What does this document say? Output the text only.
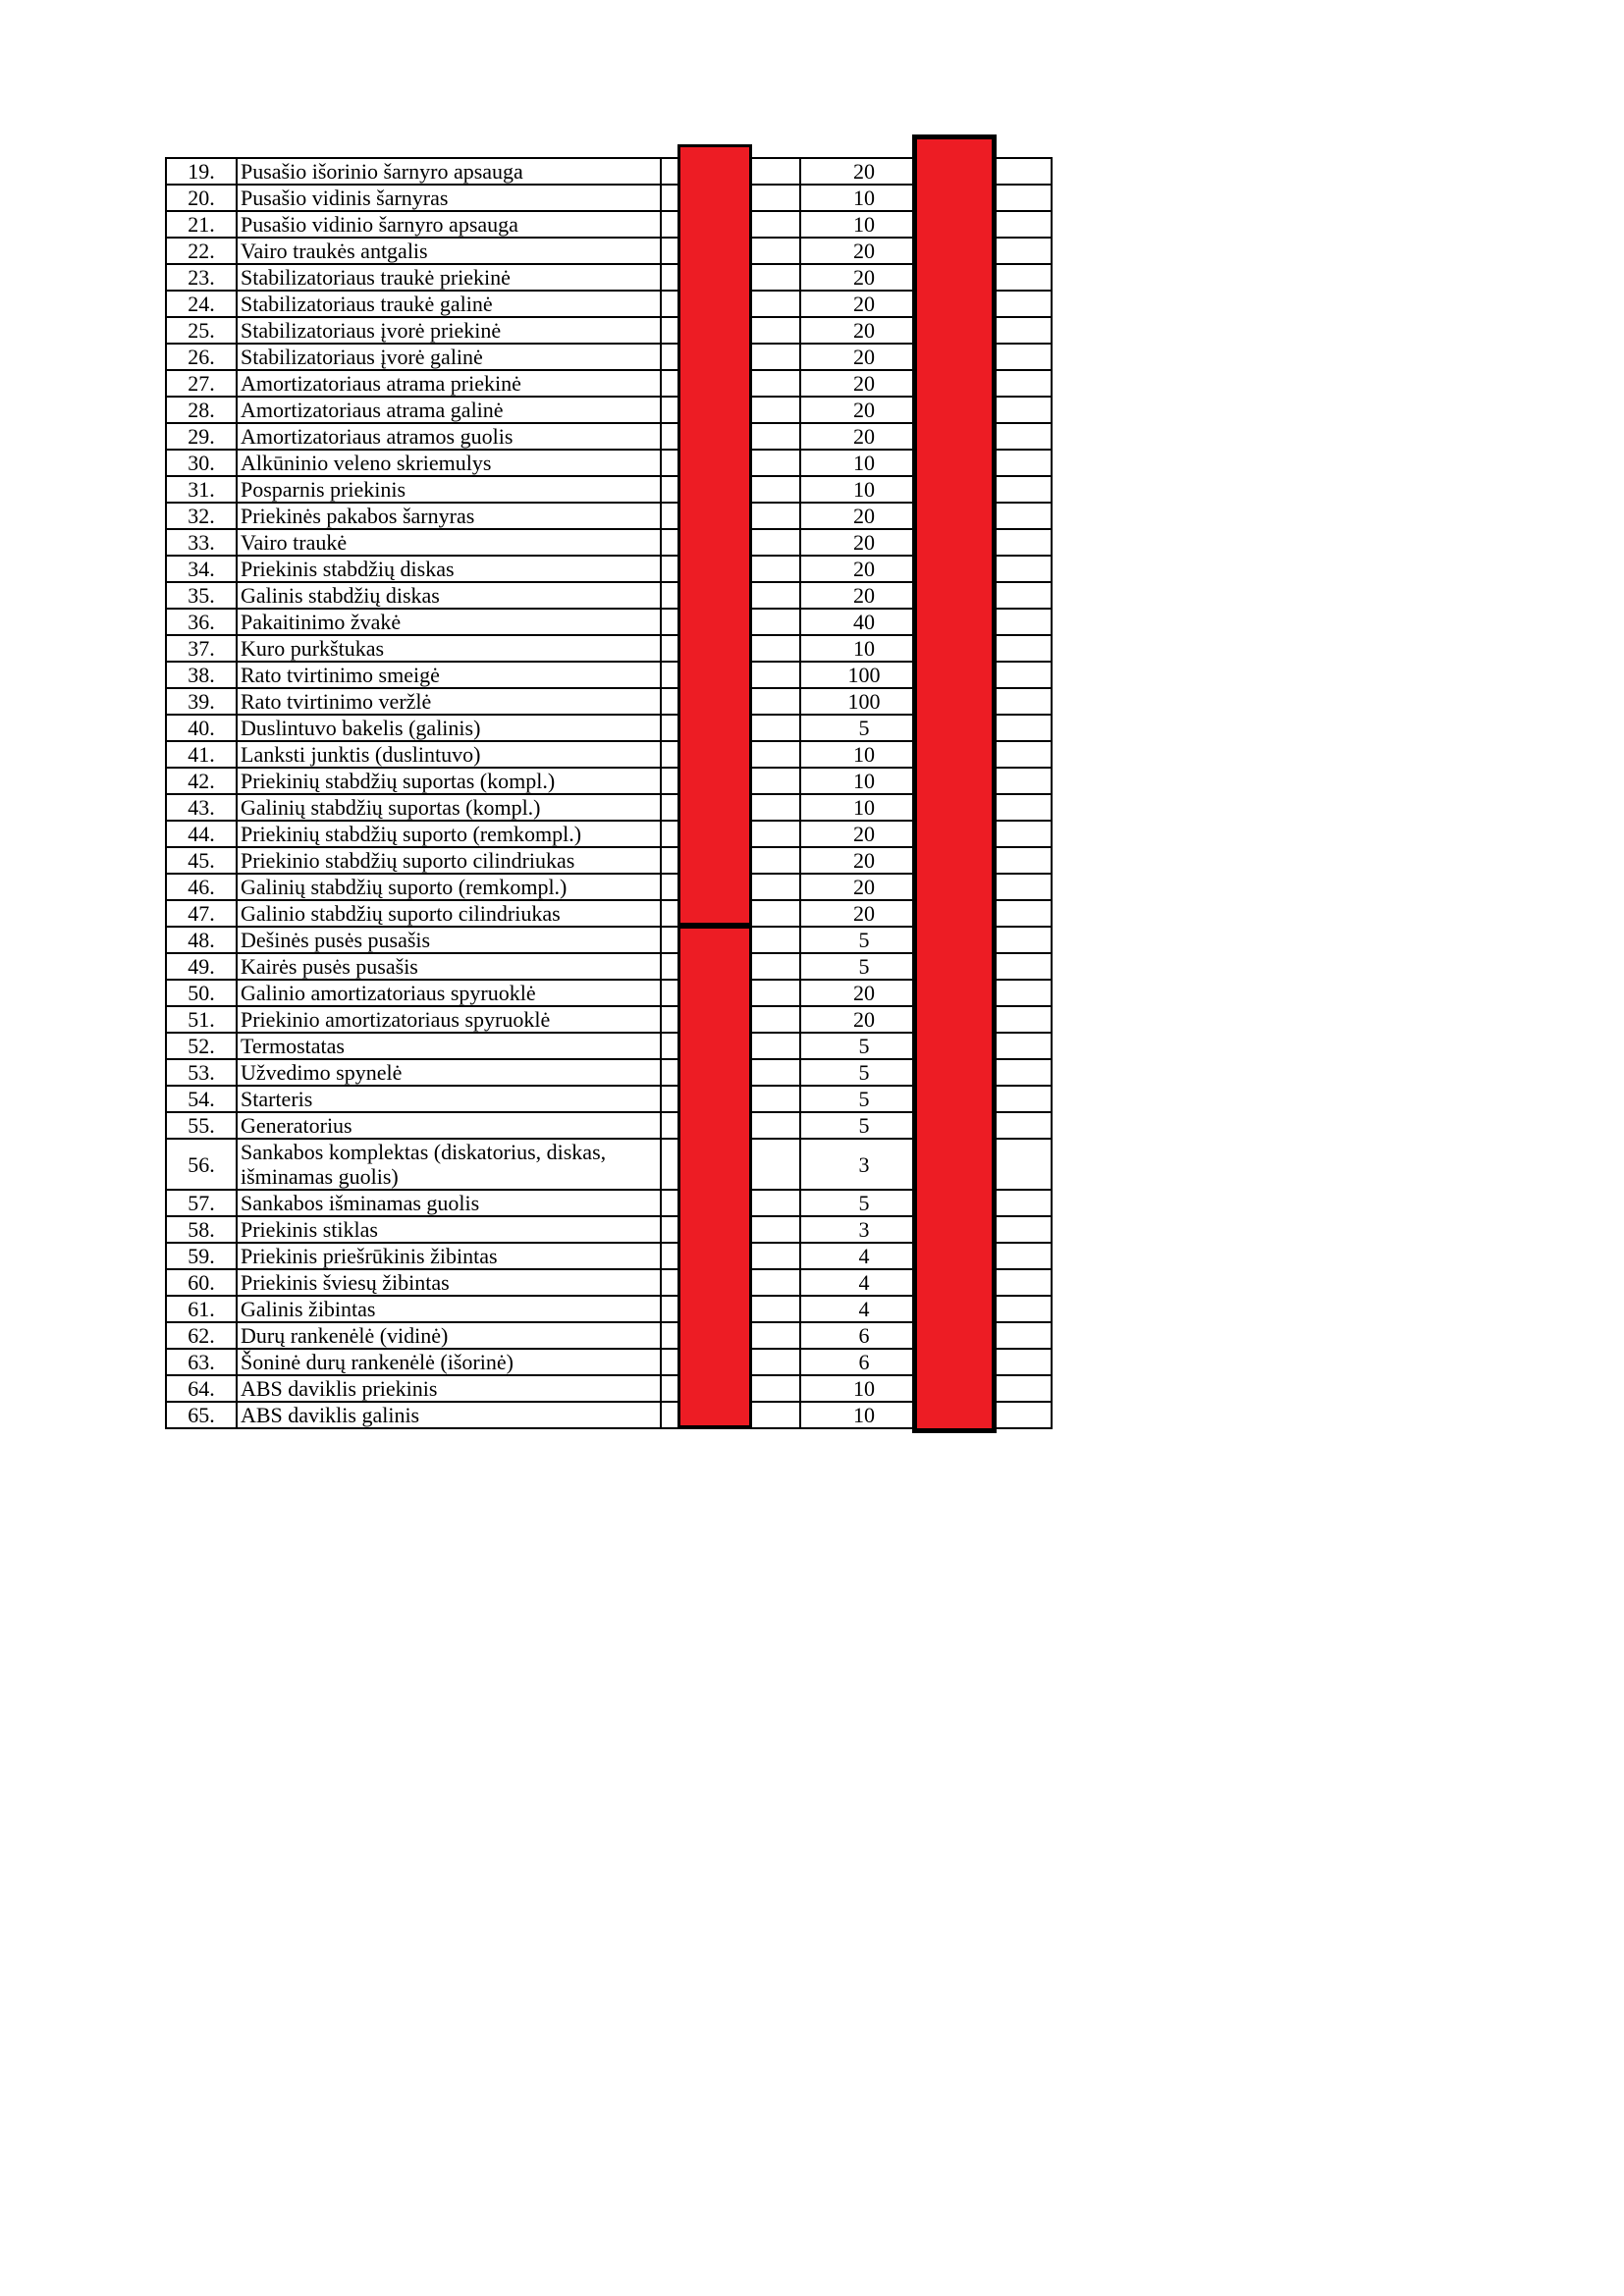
19.	Pusašio išorinio šarnyro apsauga		20	
20.	Pusašio vidinis šarnyras		10	
21.	Pusašio vidinio šarnyro apsauga		10	
22.	Vairo traukės antgalis		20	
23.	Stabilizatoriaus traukė priekinė		20	
24.	Stabilizatoriaus traukė galinė		20	
25.	Stabilizatoriaus įvorė priekinė		20	
26.	Stabilizatoriaus įvorė galinė		20	
27.	Amortizatoriaus atrama priekinė		20	
28.	Amortizatoriaus atrama galinė		20	
29.	Amortizatoriaus atramos guolis		20	
30.	Alkūninio veleno skriemulys		10	
31.	Posparnis priekinis		10	
32.	Priekinės pakabos šarnyras		20	
33.	Vairo traukė		20	
34.	Priekinis stabdžių diskas		20	
35.	Galinis stabdžių diskas		20	
36.	Pakaitinimo žvakė		40	
37.	Kuro purkštukas		10	
38.	Rato tvirtinimo smeigė		100	
39.	Rato tvirtinimo veržlė		100	
40.	Duslintuvo bakelis (galinis)		5	
41.	Lanksti junktis (duslintuvo)		10	
42.	Priekinių stabdžių suportas (kompl.)		10	
43.	Galinių stabdžių suportas (kompl.)		10	
44.	Priekinių stabdžių suporto (remkompl.)		20	
45.	Priekinio stabdžių suporto cilindriukas		20	
46.	Galinių stabdžių suporto (remkompl.)		20	
47.	Galinio stabdžių suporto cilindriukas		20	
48.	Dešinės pusės pusašis		5	
49.	Kairės pusės pusašis		5	
50.	Galinio amortizatoriaus spyruoklė		20	
51.	Priekinio amortizatoriaus spyruoklė		20	
52.	Termostatas		5	
53.	Užvedimo spynelė		5	
54.	Starteris		5	
55.	Generatorius		5	
56.	Sankabos komplektas (diskatorius, diskas, išminamas guolis)		3	
57.	Sankabos išminamas guolis		5	
58.	Priekinis stiklas		3	
59.	Priekinis priešrūkinis žibintas		4	
60.	Priekinis šviesų žibintas		4	
61.	Galinis žibintas		4	
62.	Durų rankenėlė (vidinė)		6	
63.	Šoninė durų rankenėlė (išorinė)		6	
64.	ABS daviklis priekinis		10	
65.	ABS daviklis galinis		10	
